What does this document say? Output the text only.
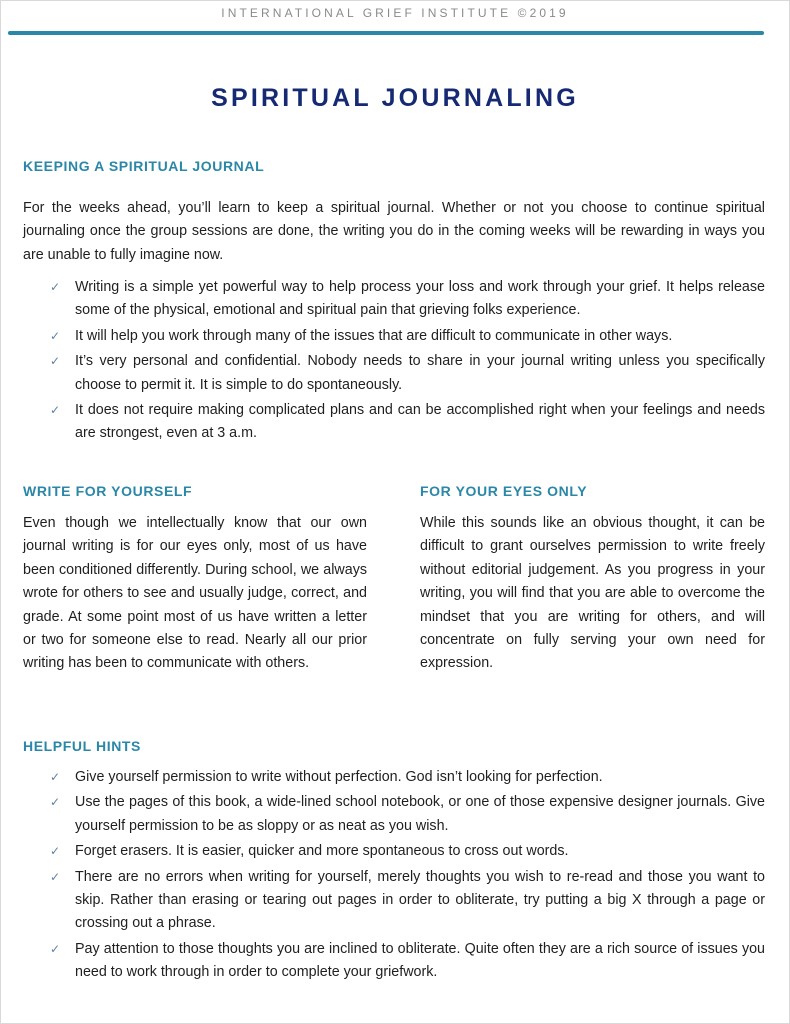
INTERNATIONAL GRIEF INSTITUTE ©2019
SPIRITUAL JOURNALING
KEEPING A SPIRITUAL JOURNAL

For the weeks ahead, you’ll learn to keep a spiritual journal. Whether or not you choose to continue spiritual journaling once the group sessions are done, the writing you do in the coming weeks will be rewarding in ways you are unable to fully imagine now.

✓ Writing is a simple yet powerful way to help process your loss and work through your grief. It helps release some of the physical, emotional and spiritual pain that grieving folks experience.
✓ It will help you work through many of the issues that are difficult to communicate in other ways.
✓ It’s very personal and confidential. Nobody needs to share in your journal writing unless you specifically choose to permit it. It is simple to do spontaneously.
✓ It does not require making complicated plans and can be accomplished right when your feelings and needs are strongest, even at 3 a.m.
WRITE FOR YOURSELF

Even though we intellectually know that our own journal writing is for our eyes only, most of us have been conditioned differently. During school, we always wrote for others to see and usually judge, correct, and grade. At some point most of us have written a letter or two for someone else to read. Nearly all our prior writing has been to communicate with others.

FOR YOUR EYES ONLY

While this sounds like an obvious thought, it can be difficult to grant ourselves permission to write freely without editorial judgement. As you progress in your writing, you will find that you are able to overcome the mindset that you are writing for others, and will concentrate on fully serving your own need for expression.

HELPFUL HINTS
✓ Give yourself permission to write without perfection. God isn’t looking for perfection.
✓ Use the pages of this book, a wide-lined school notebook, or one of those expensive designer journals. Give yourself permission to be as sloppy or as neat as you wish.
✓ Forget erasers. It is easier, quicker and more spontaneous to cross out words.
✓ There are no errors when writing for yourself, merely thoughts you wish to re-read and those you want to skip. Rather than erasing or tearing out pages in order to obliterate, try putting a big X through a page or crossing out a phrase.
✓ Pay attention to those thoughts you are inclined to obliterate. Quite often they are a rich source of issues you need to work through in order to complete your griefwork.
